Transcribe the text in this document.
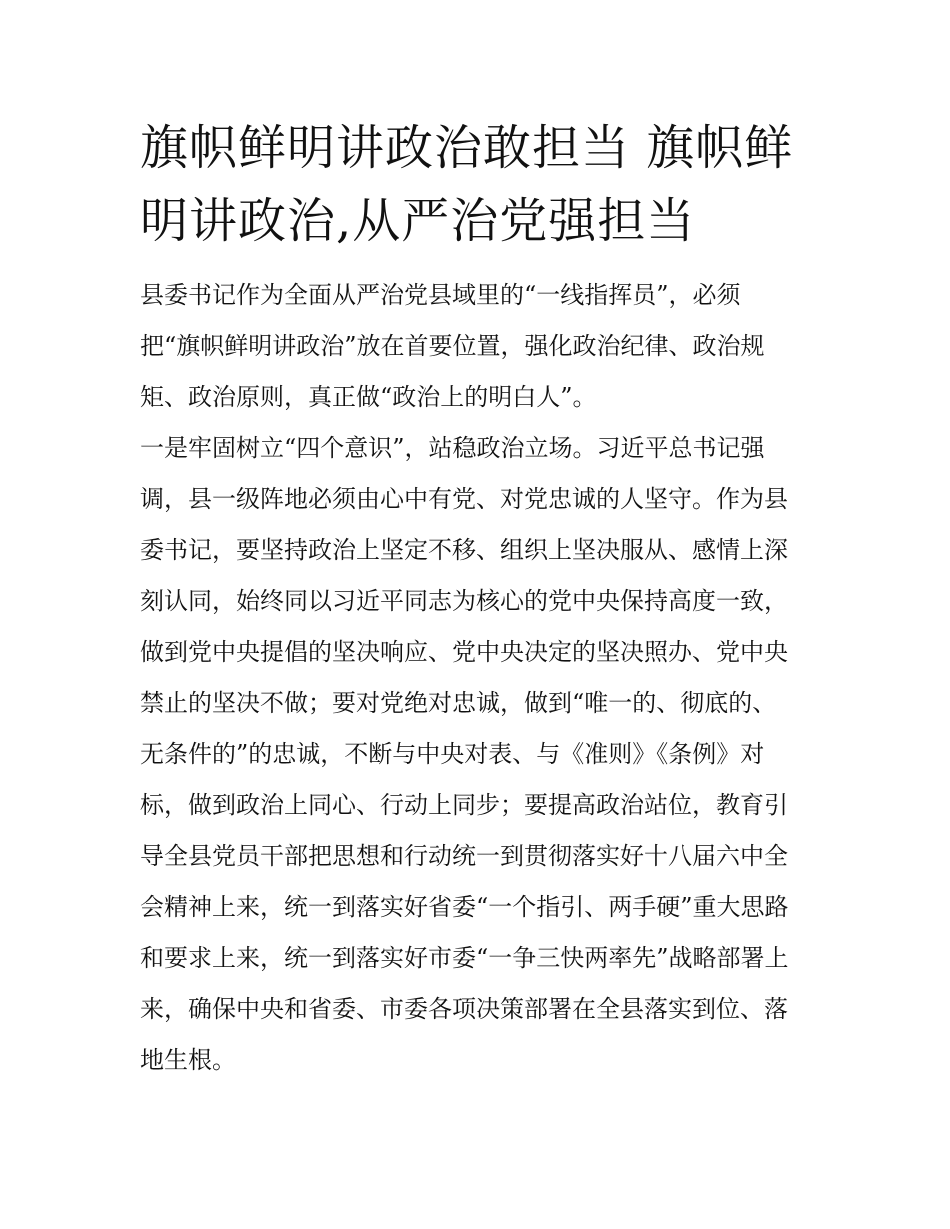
旗帜鲜明讲政治敢担当 旗帜鲜
明讲政治,从严治党强担当

县委书记作为全面从严治党县域里的“一线指挥员”，必须
把“旗帜鲜明讲政治”放在首要位置，强化政治纪律、政治规
矩、政治原则，真正做“政治上的明白人”。

一是牢固树立“四个意识”，站稳政治立场。习近平总书记强
调，县一级阵地必须由心中有党、对党忠诚的人坚守。作为县
委书记，要坚持政治上坚定不移、组织上坚决服从、感情上深
刻认同，始终同以习近平同志为核心的党中央保持高度一致，
做到党中央提倡的坚决响应、党中央决定的坚决照办、党中央
禁止的坚决不做；要对党绝对忠诚，做到“唯一的、彻底的、
无条件的”的忠诚，不断与中央对表、与《准则》《条例》对
标，做到政治上同心、行动上同步；要提高政治站位，教育引
导全县党员干部把思想和行动统一到贯彻落实好十八届六中全
会精神上来，统一到落实好省委“一个指引、两手硬”重大思路
和要求上来，统一到落实好市委“一争三快两率先”战略部署上
来，确保中央和省委、市委各项决策部署在全县落实到位、落
地生根。
